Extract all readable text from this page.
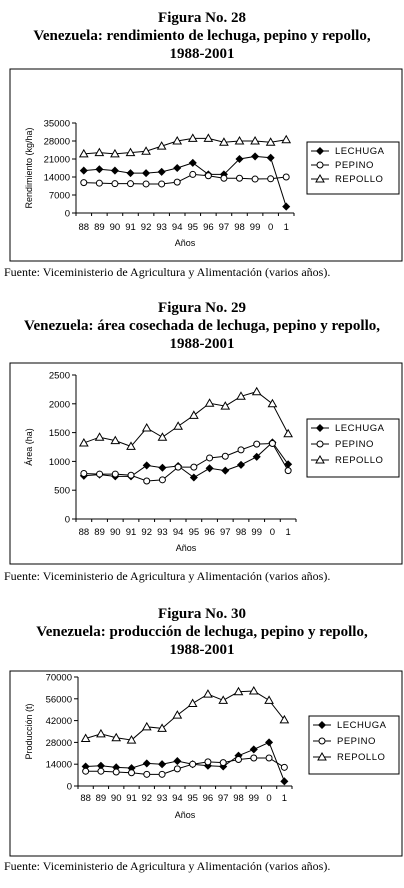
Figura No. 28
Venezuela: rendimiento de lechuga, pepino y repollo,
1988-2001
0
7000
14000
21000
28000
35000
88 89 90 91 92 93 94 95 96 97 98 99 0 1
Años
Rendimiento (kg/ha)	LECHUGA
PEPINO
REPOLLO
Fuente: Viceministerio de Agricultura y Alimentación (varios años).
Figura No. 29
Venezuela: área cosechada de lechuga, pepino y repollo,
1988-2001
0
500
1000
1500
2000
2500
88 89 90 91 92 93 94 95 96 97 98 99 0 1
Años
Área (ha)	LECHUGA
PEPINO
REPOLLO
Fuente: Viceministerio de Agricultura y Alimentación (varios años).
Figura No. 30
Venezuela: producción de lechuga, pepino y repollo,
1988-2001
0
14000
28000
42000
56000
70000
88 89 90 91 92 93 94 95 96 97 98 99 0 1
Años
Producción (t)	LECHUGA
PEPINO
REPOLLO
Fuente: Viceministerio de Agricultura y Alimentación (varios años).
